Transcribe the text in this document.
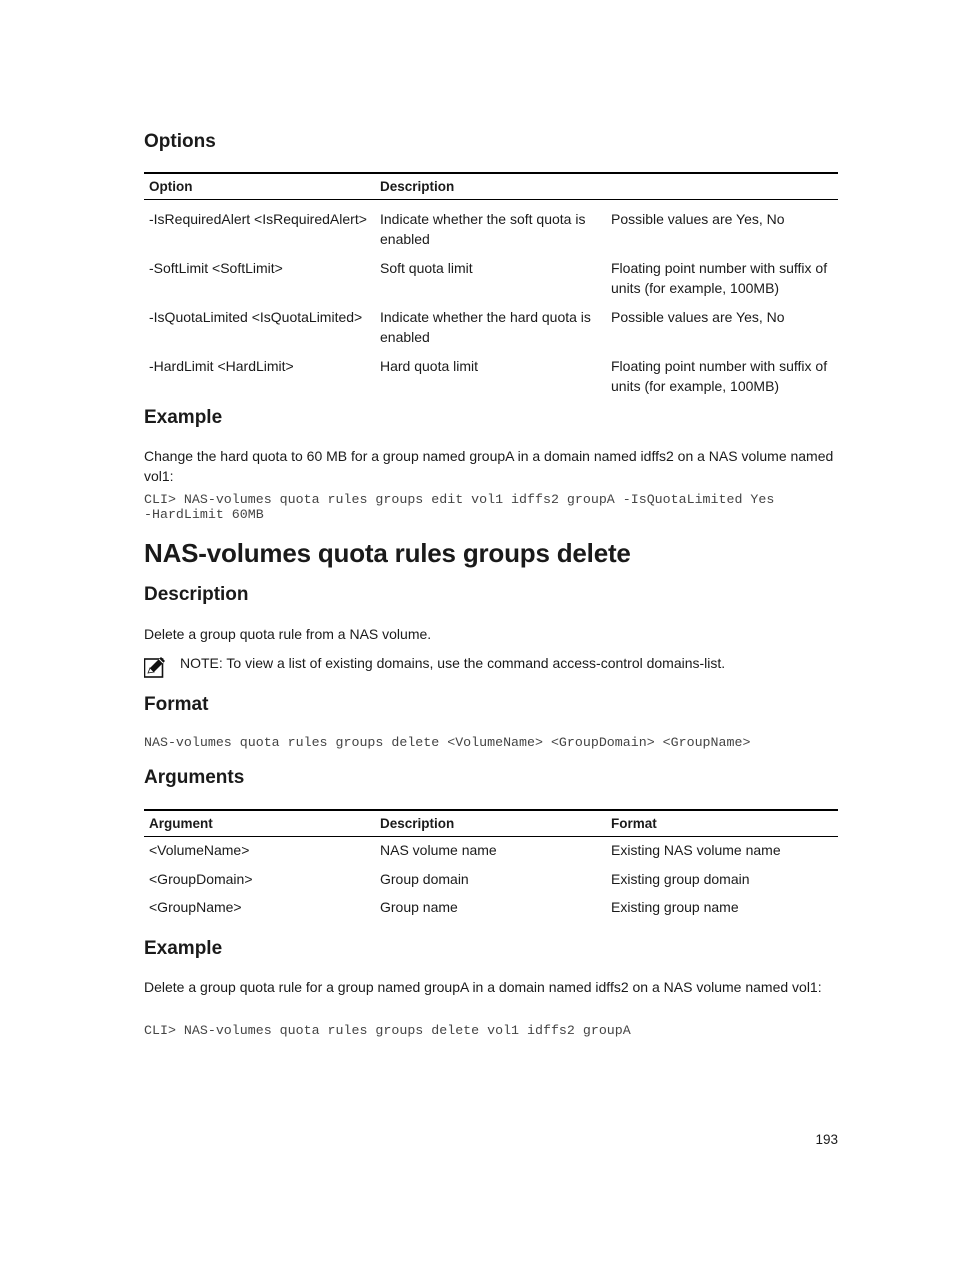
Options
Option	Description	
-IsRequiredAlert <IsRequiredAlert>	Indicate whether the soft quota is enabled	Possible values are Yes, No
-SoftLimit <SoftLimit>	Soft quota limit	Floating point number with suffix of units (for example, 100MB)
-IsQuotaLimited <IsQuotaLimited>	Indicate whether the hard quota is enabled	Possible values are Yes, No
-HardLimit <HardLimit>	Hard quota limit	Floating point number with suffix of units (for example, 100MB)
Example

Change the hard quota to 60 MB for a group named groupA in a domain named idffs2 on a NAS volume named vol1:

CLI> NAS-volumes quota rules groups edit vol1 idffs2 groupA -IsQuotaLimited Yes
-HardLimit 60MB
NAS-volumes quota rules groups delete
Description

Delete a group quota rule from a NAS volume.

NOTE: To view a list of existing domains, use the command access-control domains-list.
Format
NAS-volumes quota rules groups delete <VolumeName> <GroupDomain> <GroupName>
Arguments
Argument	Description	Format
<VolumeName>	NAS volume name	Existing NAS volume name
<GroupDomain>	Group domain	Existing group domain
<GroupName>	Group name	Existing group name
Example

Delete a group quota rule for a group named groupA in a domain named idffs2 on a NAS volume named vol1:

CLI> NAS-volumes quota rules groups delete vol1 idffs2 groupA
193
